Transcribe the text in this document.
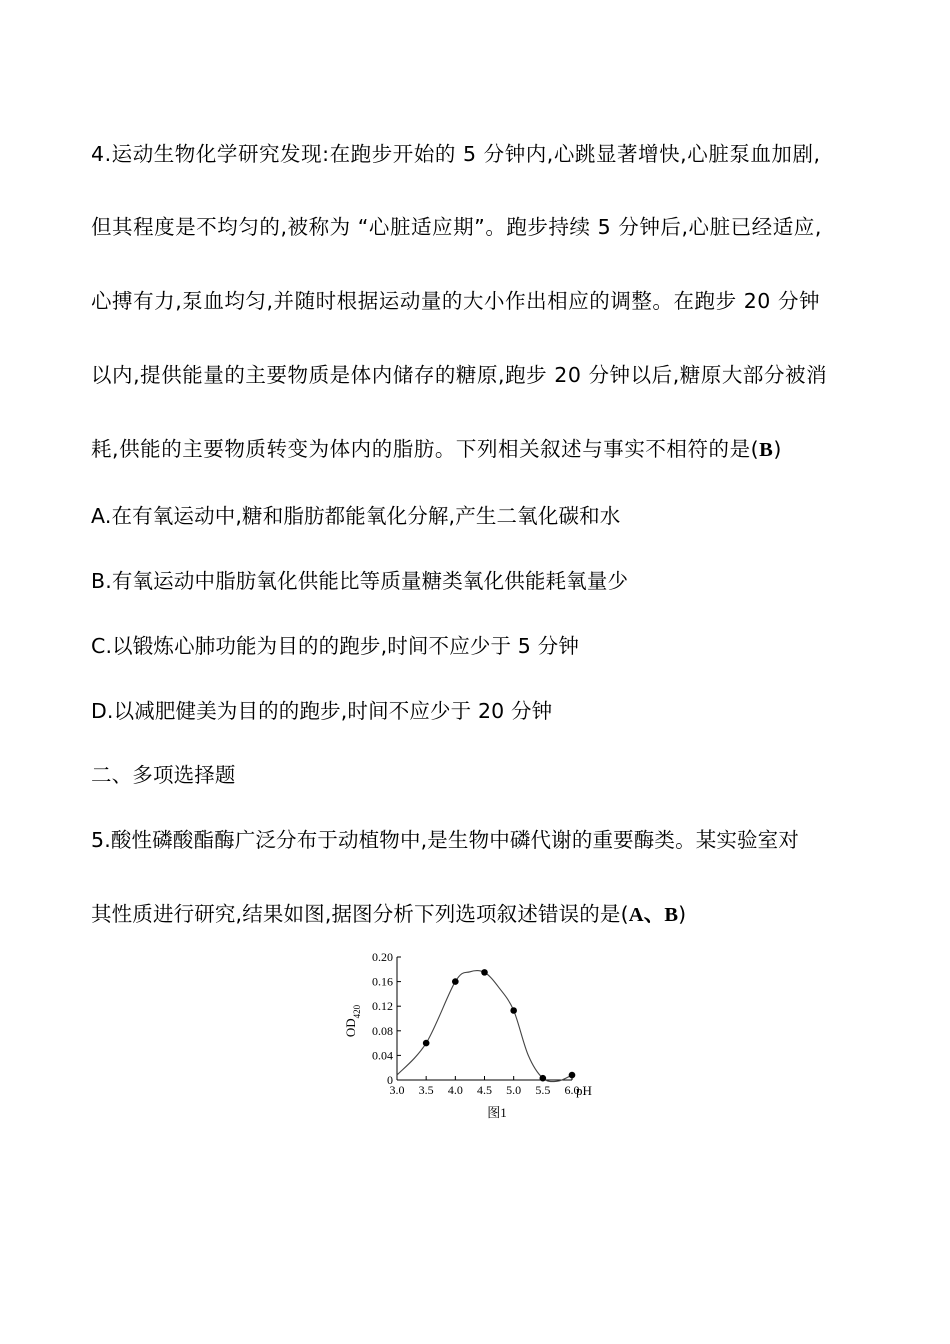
4.运动生物化学研究发现:在跑步开始的 5 分钟内,心跳显著增快,心脏泵血加剧,
但其程度是不均匀的,被称为 “心脏适应期”。跑步持续 5 分钟后,心脏已经适应,
心搏有力,泵血均匀,并随时根据运动量的大小作出相应的调整。在跑步 20 分钟
以内,提供能量的主要物质是体内储存的糖原,跑步 20 分钟以后,糖原大部分被消
耗,供能的主要物质转变为体内的脂肪。下列相关叙述与事实不相符的是(B)
A.在有氧运动中,糖和脂肪都能氧化分解,产生二氧化碳和水
B.有氧运动中脂肪氧化供能比等质量糖类氧化供能耗氧量少
C.以锻炼心肺功能为目的的跑步,时间不应少于 5 分钟
D.以减肥健美为目的的跑步,时间不应少于 20 分钟
二、多项选择题
5.酸性磷酸酯酶广泛分布于动植物中,是生物中磷代谢的重要酶类。某实验室对
其性质进行研究,结果如图,据图分析下列选项叙述错误的是(A、B)
0
0.04
0.08
0.12
0.16
0.20
3.0 3.5 4.0 4.5 5.0 5.5 6.0
pH
$OD_{420}$
图1
